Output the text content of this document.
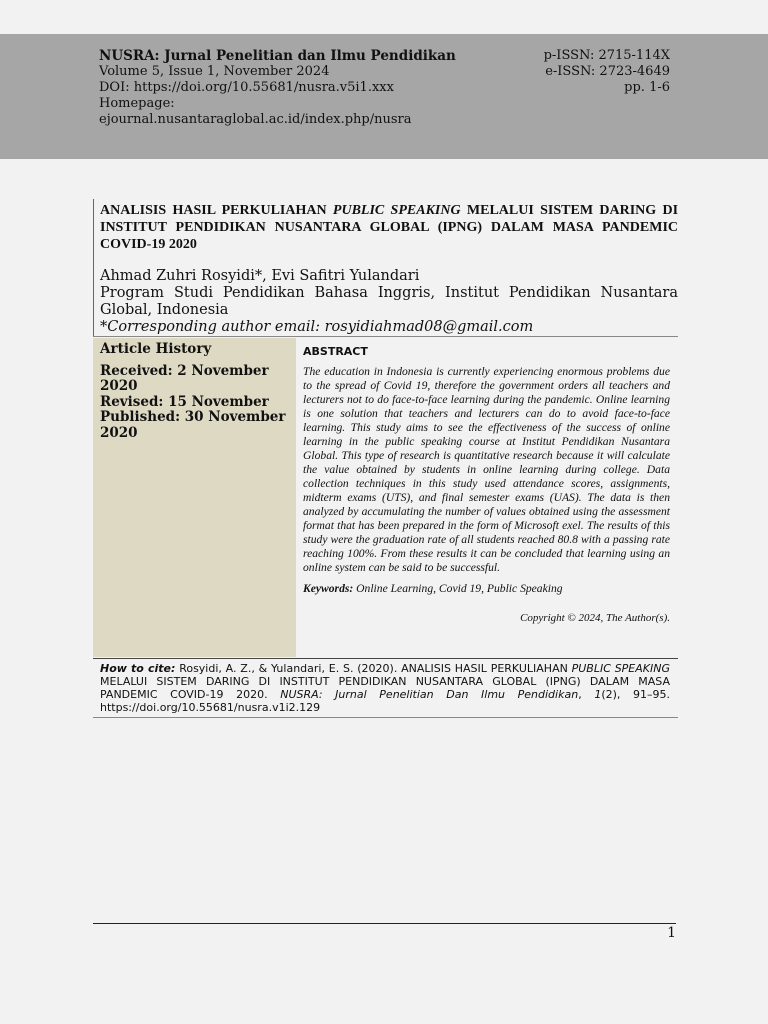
NUSRA: Jurnal Penelitian dan Ilmu Pendidikan
Volume 5, Issue 1, November 2024
DOI: https://doi.org/10.55681/nusra.v5i1.xxx
Homepage:
ejournal.nusantaraglobal.ac.id/index.php/nusra
p-ISSN: 2715-114X
e-ISSN: 2723-4649
pp. 1-6
ANALISIS HASIL PERKULIAHAN PUBLIC SPEAKING MELALUI SISTEM DARING DI INSTITUT PENDIDIKAN NUSANTARA GLOBAL (IPNG) DALAM MASA PANDEMIC COVID-19 2020
Ahmad Zuhri Rosyidi*, Evi Safitri Yulandari
Program Studi Pendidikan Bahasa Inggris, Institut Pendidikan Nusantara Global, Indonesia
*Corresponding author email: rosyidiahmad08@gmail.com
Article History
Received: 2 November 2020
Revised: 15 November
Published: 30 November 2020
ABSTRACT
The education in Indonesia is currently experiencing enormous problems due to the spread of Covid 19, therefore the government orders all teachers and lecturers not to do face-to-face learning during the pandemic. Online learning is one solution that teachers and lecturers can do to avoid face-to-face learning. This study aims to see the effectiveness of the success of online learning in the public speaking course at Institut Pendidikan Nusantara Global. This type of research is quantitative research because it will calculate the value obtained by students in online learning during college. Data collection techniques in this study used attendance scores, assignments, midterm exams (UTS), and final semester exams (UAS). The data is then analyzed by accumulating the number of values obtained using the assessment format that has been prepared in the form of Microsoft exel. The results of this study were the graduation rate of all students reached 80.8 with a passing rate reaching 100%. From these results it can be concluded that learning using an online system can be said to be successful.
Keywords: Online Learning, Covid 19, Public Speaking
Copyright © 2024, The Author(s).
How to cite: Rosyidi, A. Z., & Yulandari, E. S. (2020). ANALISIS HASIL PERKULIAHAN PUBLIC SPEAKING MELALUI SISTEM DARING DI INSTITUT PENDIDIKAN NUSANTARA GLOBAL (IPNG) DALAM MASA PANDEMIC COVID-19 2020. NUSRA: Jurnal Penelitian Dan Ilmu Pendidikan, 1(2), 91–95. https://doi.org/10.55681/nusra.v1i2.129
1
